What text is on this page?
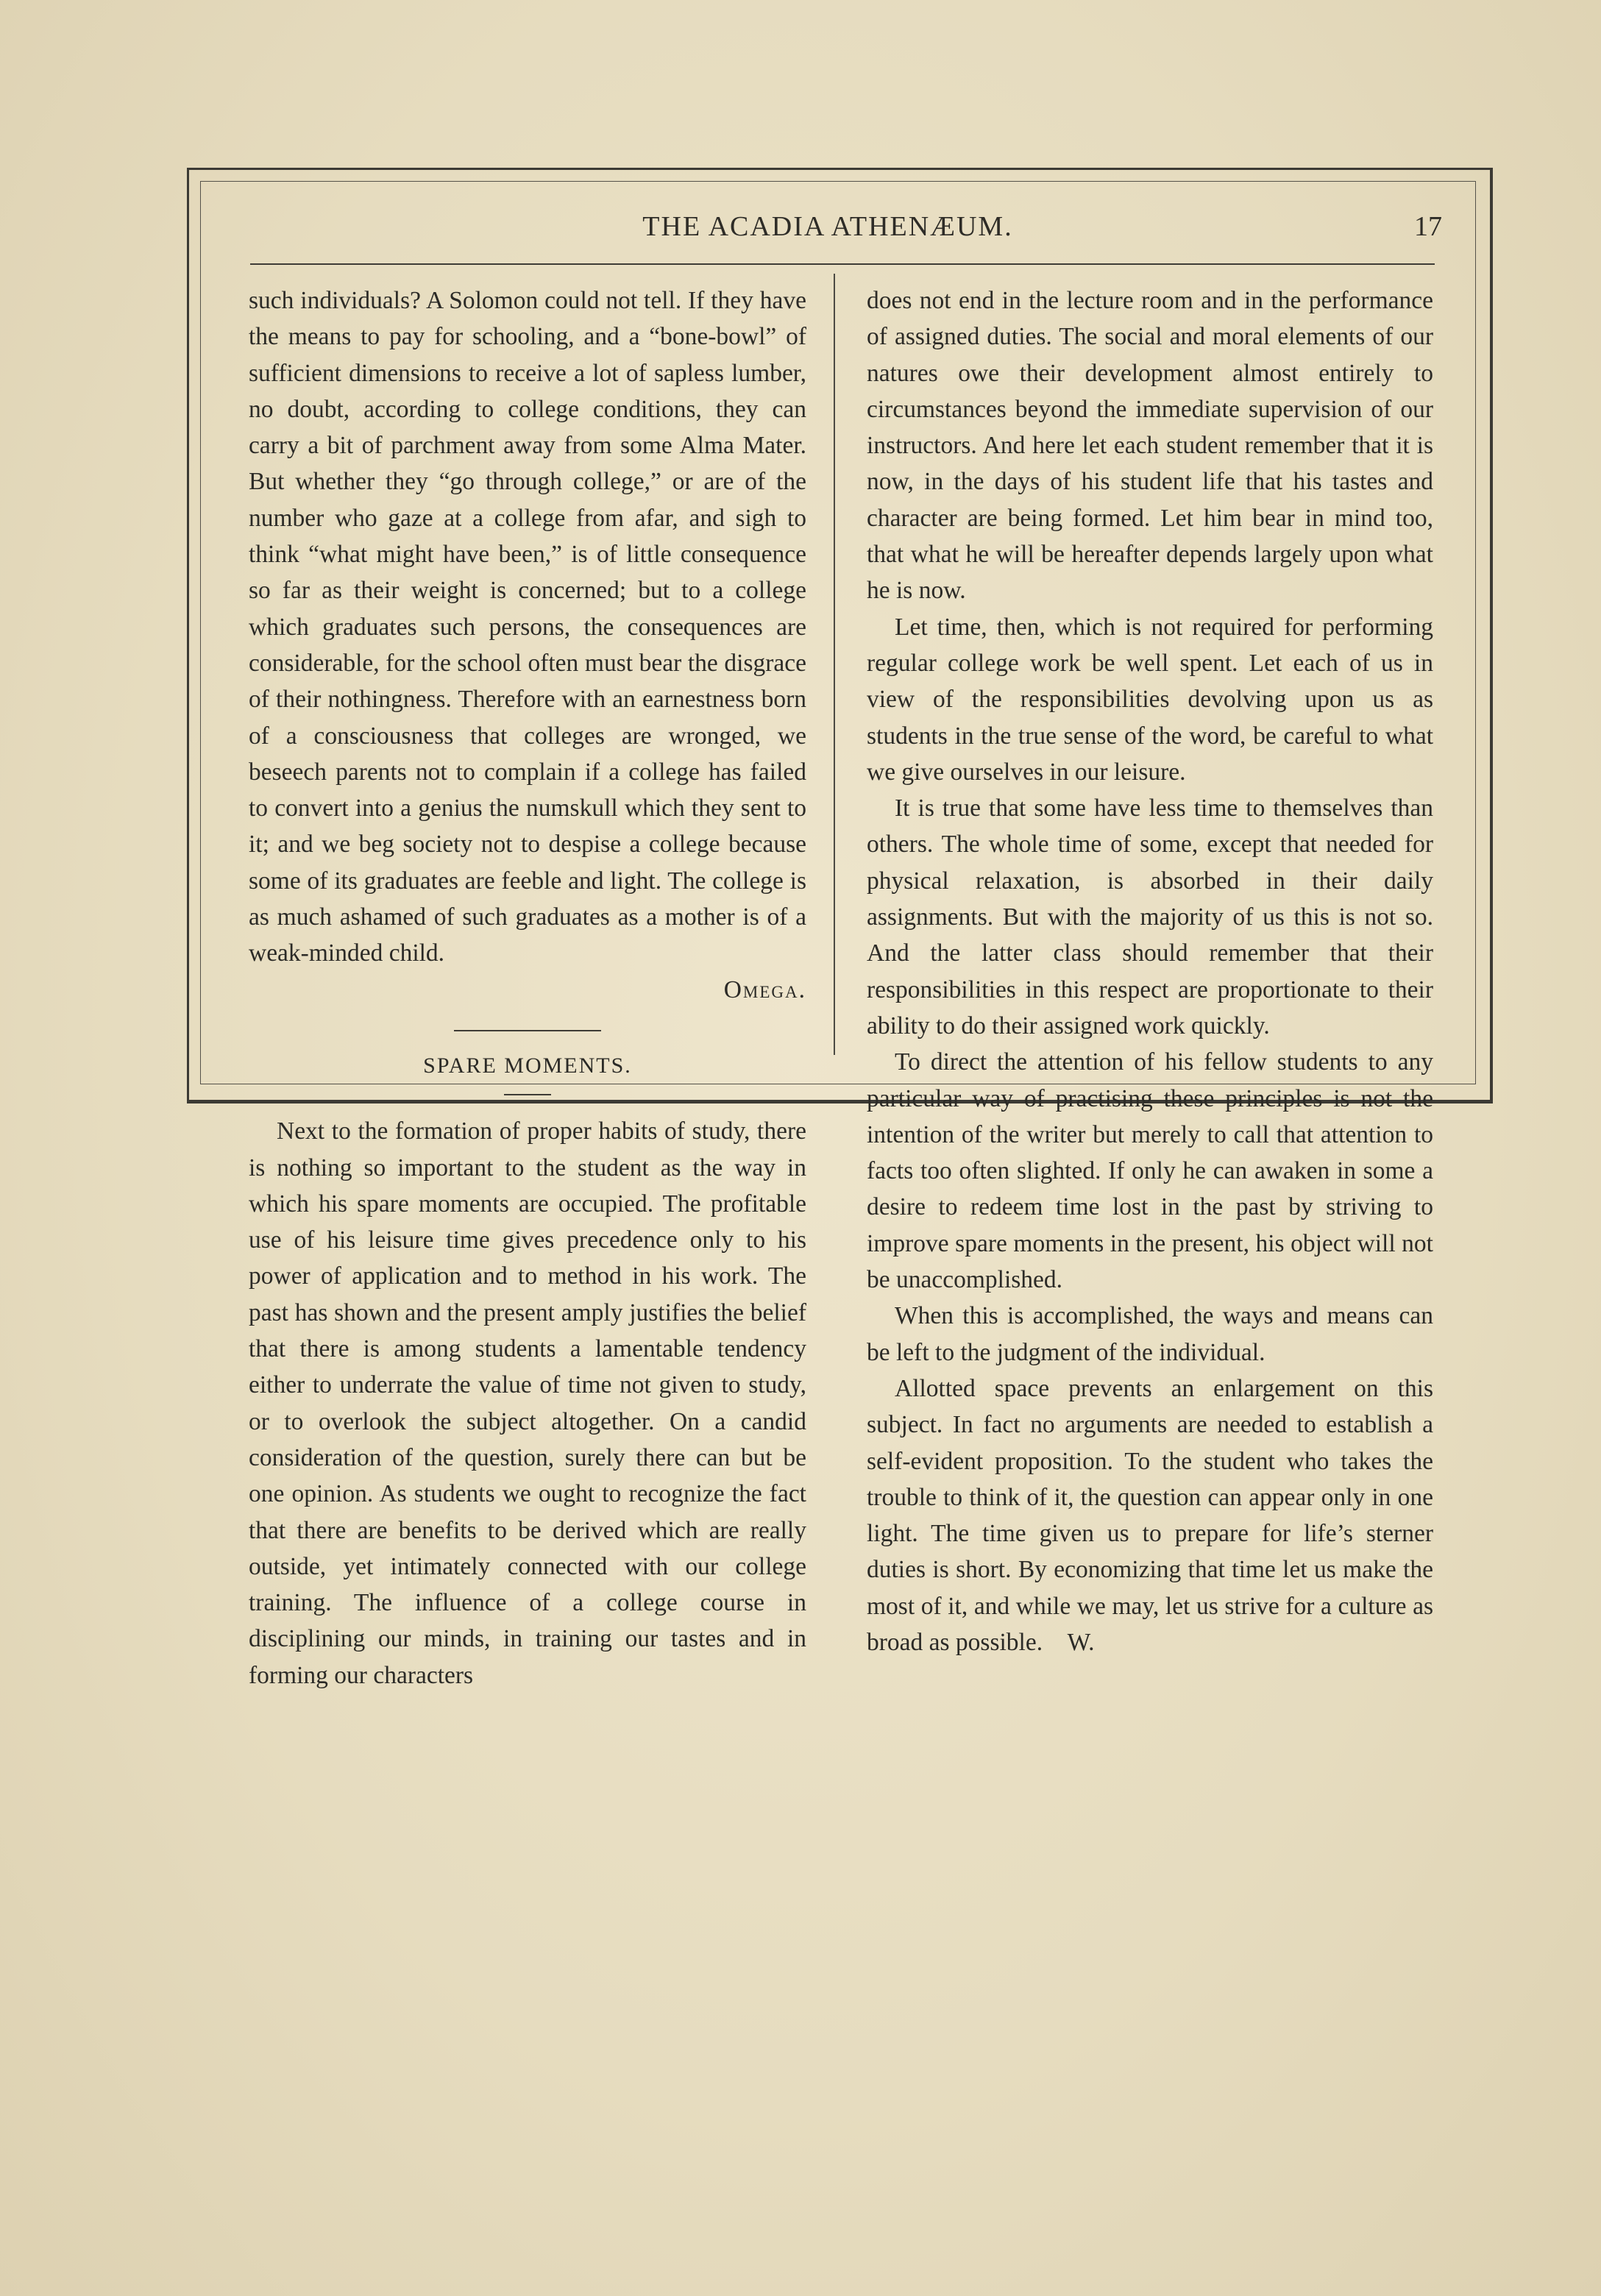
THE ACADIA ATHENÆUM.	17

such individuals? A Solomon could not tell. If they have the means to pay for schooling, and a “bone-bowl” of sufficient dimensions to receive a lot of sapless lumber, no doubt, according to college conditions, they can carry a bit of parchment away from some Alma Mater. But whether they “go through college,” or are of the number who gaze at a college from afar, and sigh to think “what might have been,” is of little consequence so far as their weight is concerned; but to a college which graduates such persons, the consequences are considerable, for the school often must bear the disgrace of their nothingness. Therefore with an earnestness born of a consciousness that colleges are wronged, we beseech parents not to complain if a college has failed to convert into a genius the numskull which they sent to it; and we beg society not to despise a college because some of its graduates are feeble and light. The college is as much ashamed of such graduates as a mother is of a weak-minded child.

Omega.

SPARE MOMENTS.

Next to the formation of proper habits of study, there is nothing so important to the student as the way in which his spare moments are occupied. The profitable use of his leisure time gives precedence only to his power of application and to method in his work. The past has shown and the present amply justifies the belief that there is among students a lamentable tendency either to underrate the value of time not given to study, or to overlook the subject altogether. On a candid consideration of the question, surely there can but be one opinion. As students we ought to recognize the fact that there are benefits to be derived which are really outside, yet intimately connected with our college training. The influence of a college course in disciplining our minds, in training our tastes and in forming our characters

does not end in the lecture room and in the performance of assigned duties. The social and moral elements of our natures owe their development almost entirely to circumstances beyond the immediate supervision of our instructors. And here let each student remember that it is now, in the days of his student life that his tastes and character are being formed. Let him bear in mind too, that what he will be hereafter depends largely upon what he is now.

Let time, then, which is not required for performing regular college work be well spent. Let each of us in view of the responsibilities devolving upon us as students in the true sense of the word, be careful to what we give ourselves in our leisure.

It is true that some have less time to themselves than others. The whole time of some, except that needed for physical relaxation, is absorbed in their daily assignments. But with the majority of us this is not so. And the latter class should remember that their responsibilities in this respect are proportionate to their ability to do their assigned work quickly.

To direct the attention of his fellow students to any particular way of practising these principles is not the intention of the writer but merely to call that attention to facts too often slighted. If only he can awaken in some a desire to redeem time lost in the past by striving to improve spare moments in the present, his object will not be unaccomplished.

When this is accomplished, the ways and means can be left to the judgment of the individual.

Allotted space prevents an enlargement on this subject. In fact no arguments are needed to establish a self-evident proposition. To the student who takes the trouble to think of it, the question can appear only in one light. The time given us to prepare for life’s sterner duties is short. By economizing that time let us make the most of it, and while we may, let us strive for a culture as broad as possible. W.
